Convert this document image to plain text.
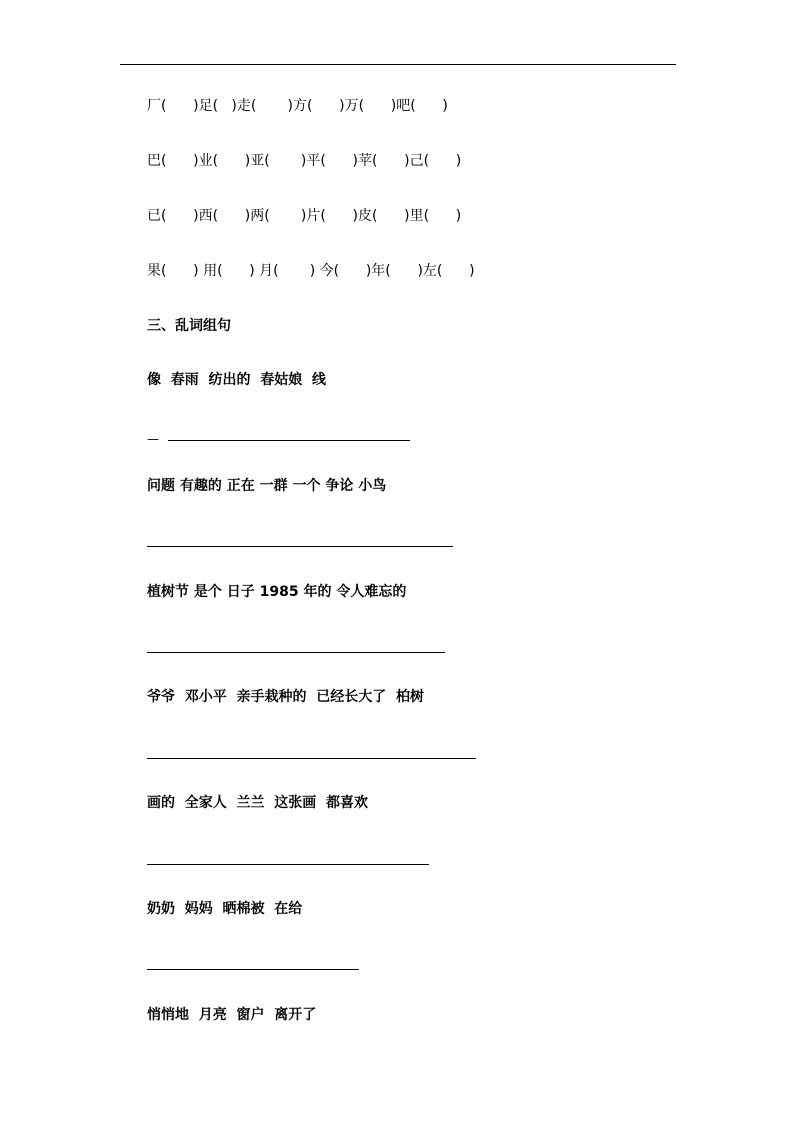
厂(      )足(   )走(       )方(      )万(      )吧(      )
巴(      )业(      )亚(       )平(      )苹(      )己(      )
已(      )西(      )两(       )片(      )皮(      )里(      )
果(      ) 用(      ) 月(       ) 今(      )年(      )左(      )
三、乱词组句
像  春雨  纺出的  春姑娘  线
—
问题 有趣的 正在 一群 一个 争论 小鸟
植树节 是个 日子 1985 年的 令人难忘的
爷爷  邓小平  亲手栽种的  已经长大了  柏树
画的  全家人  兰兰  这张画  都喜欢
奶奶  妈妈  晒棉被  在给
悄悄地  月亮  窗户  离开了
